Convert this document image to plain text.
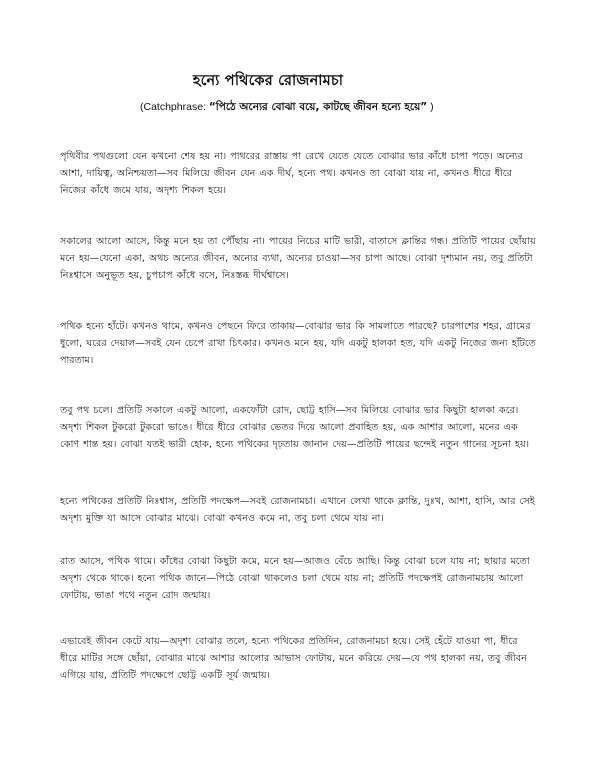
হন্যে পথিকের রোজনামচা
(Catchphrase: “পিঠে অন্যের বোঝা বয়ে, কাটছে জীবন হন্যে হয়ে” )

পৃথিবীর পথগুলো যেন কখনো শেষ হয় না। পাথরের রাস্তায় পা রেখে যেতে যেতে বোঝার ভার কাঁধে চাপা পড়ে। অন্যের আশা, দায়িত্ব, অনিশ্চয়তা—সব মিলিয়ে জীবন যেন এক দীর্ঘ, হন্যে পথ। কখনও তা বোঝা যায় না, কখনও ধীরে ধীরে নিজের কাঁধে জমে যায়, অদৃশ্য শিকল হয়ে।

সকালের আলো আসে, কিন্তু মনে হয় তা পৌঁছায় না। পায়ের নিচের মাটি ভারী, বাতাসে ক্লান্তির গন্ধ। প্রতিটি পায়ের ছোঁয়ায় মনে হয়—যেনো একা, অথচ অন্যের জীবন, অন্যের ব্যথা, অন্যের চাওয়া—সব চাপা আছে। বোঝা দৃশ্যমান নয়, তবু প্রতিটা নিঃশ্বাসে অনুভূত হয়, চুপচাপ কাঁধে বসে, নিঃস্তব্ধ দীর্ঘশ্বাসে।

পথিক হন্যে হাঁটে। কখনও থামে, কখনও পেছনে ফিরে তাকায়—বোঝার ভার কি সামলাতে পারছে? চারপাশের শহর, গ্রামের ধুলো, ঘরের দেয়াল—সবই যেন চেপে রাখা চিৎকার। কখনও মনে হয়, যদি একটু হালকা হত, যদি একটু নিজের জন্য হাঁটতে পারতাম।

তবু পথ চলে। প্রতিটি সকালে একটু আলো, একফোঁটা রোদ, ছোট্ট হাসি—সব মিলিয়ে বোঝার ভার কিছুটা হালকা করে। অদৃশ্য শিকল টুকরো টুকরো ভাঙে। ধীরে ধীরে বোঝার ভেতর দিয়ে আলো প্রবাহিত হয়, এক আশার আলো, মনের এক কোণ শান্ত হয়। বোঝা যতই ভারী হোক, হন্যে পথিকের দৃঢ়তায় জানান দেয়—প্রতিটি পায়ের ছন্দেই নতুন গানের সূচনা হয়।

হন্যে পথিকের প্রতিটি নিঃশ্বাস, প্রতিটি পদক্ষেপ—সবই রোজনামচা। এখানে লেখা থাকে ক্লান্তি, দুঃখ, আশা, হাসি, আর সেই অদৃশ্য মুক্তি যা আসে বোঝার মাঝে। বোঝা কখনও কমে না, তবু চলা থেমে যায় না।

রাত আসে, পথিক থামে। কাঁধের বোঝা কিছুটা কমে, মনে হয়—আজও বেঁচে আছি। কিন্তু বোঝা চলে যায় না; ছায়ার মতো অদৃশ্য থেকে থাকে। হন্যে পথিক জানে—পিঠে বোঝা থাকলেও চলা থেমে যায় না; প্রতিটি পদক্ষেপই রোজনামচায় আলো ফোটায়, ভাঙা পথে নতুন রোদ জন্মায়।

এভাবেই জীবন কেটে যায়—অদৃশ্য বোঝার তলে, হন্যে পথিকের প্রতিদিন, রোজনামচা হয়ে। সেই হেঁটে যাওয়া পা, ধীরে ধীরে মাটির সঙ্গে ছোঁয়া, বোঝার মাঝে আশার আলোর আভাস ফোটায়, মনে করিয়ে দেয়—যে পথ হালকা নয়, তবু জীবন এগিয়ে যায়, প্রতিটি পদক্ষেপে ছোট্ট একটি সূর্য জন্মায়।
